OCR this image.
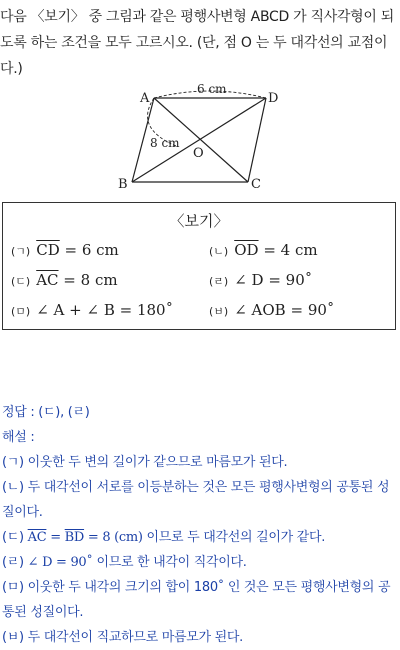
다음 〈보기〉 중 그림과 같은 평행사변형 ABCD 가 직사각형이 되
도록 하는 조건을 모두 고르시오. (단, 점 O 는 두 대각선의 교점이
다.)
A	D
B	C
O
6 cm
8 cm
〈보기〉
(ㄱ) $\overline{CD} = 6$ cm	(ㄴ) $\overline{OD} = 4$ cm
(ㄷ) $\overline{AC} = 8$ cm	(ㄹ) ∠ D = 90˚
(ㅁ) ∠ A + ∠ B = 180˚	(ㅂ) ∠ AOB = 90˚
정답 : (ㄷ), (ㄹ)
해설 :
(ㄱ) 이웃한 두 변의 길이가 같으므로 마름모가 된다.
(ㄴ) 두 대각선이 서로를 이등분하는 것은 모든 평행사변형의 공통된 성
질이다.
(ㄷ) $\overline{AC} = \overline{BD} = 8$ (cm) 이므로 두 대각선의 길이가 같다.
(ㄹ) ∠ D = 90˚ 이므로 한 내각이 직각이다.
(ㅁ) 이웃한 두 내각의 크기의 합이 180˚ 인 것은 모든 평행사변형의 공
통된 성질이다.
(ㅂ) 두 대각선이 직교하므로 마름모가 된다.
